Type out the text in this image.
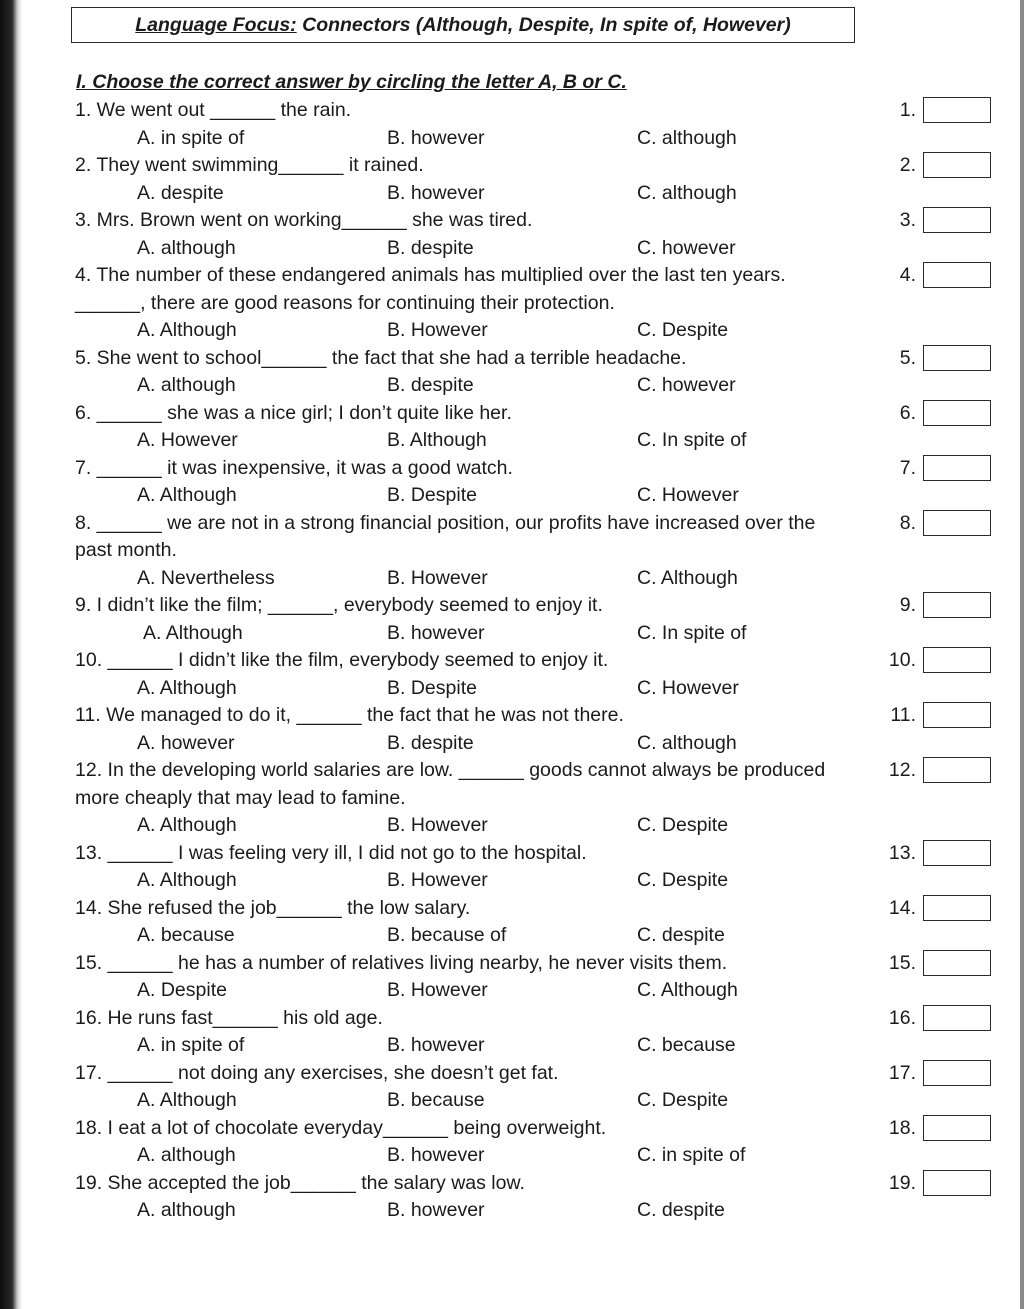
Language Focus: Connectors (Although, Despite, In spite of, However)
I. Choose the correct answer by circling the letter A, B or C.
1. We went out ______ the rain.	1.
A. in spite of	B. however	C. although
2. They went swimming______ it rained.	2.
A. despite	B. however	C. although
3. Mrs. Brown went on working______ she was tired.	3.
A. although	B. despite	C. however
4. The number of these endangered animals has multiplied over the last ten years.	4.
______, there are good reasons for continuing their protection.
A. Although	B. However	C. Despite
5. She went to school______ the fact that she had a terrible headache.	5.
A. although	B. despite	C. however
6. ______ she was a nice girl; I don’t quite like her.	6.
A. However	B. Although	C. In spite of
7. ______ it was inexpensive, it was a good watch.	7.
A. Although	B. Despite	C. However
8. ______ we are not in a strong financial position, our profits have increased over the	8.
past month.
A. Nevertheless	B. However	C. Although
9. I didn’t like the film; ______, everybody seemed to enjoy it.	9.
A. Although	B. however	C. In spite of
10. ______ I didn’t like the film, everybody seemed to enjoy it.	10.
A. Although	B. Despite	C. However
11. We managed to do it, ______ the fact that he was not there.	11.
A. however	B. despite	C. although
12. In the developing world salaries are low. ______ goods cannot always be produced	12.
more cheaply that may lead to famine.
A. Although	B. However	C. Despite
13. ______ I was feeling very ill, I did not go to the hospital.	13.
A. Although	B. However	C. Despite
14. She refused the job______ the low salary.	14.
A. because	B. because of	C. despite
15. ______ he has a number of relatives living nearby, he never visits them.	15.
A. Despite	B. However	C. Although
16. He runs fast______ his old age.	16.
A. in spite of	B. however	C. because
17. ______ not doing any exercises, she doesn’t get fat.	17.
A. Although	B. because	C. Despite
18. I eat a lot of chocolate everyday______ being overweight.	18.
A. although	B. however	C. in spite of
19. She accepted the job______ the salary was low.	19.
A. although	B. however	C. despite
